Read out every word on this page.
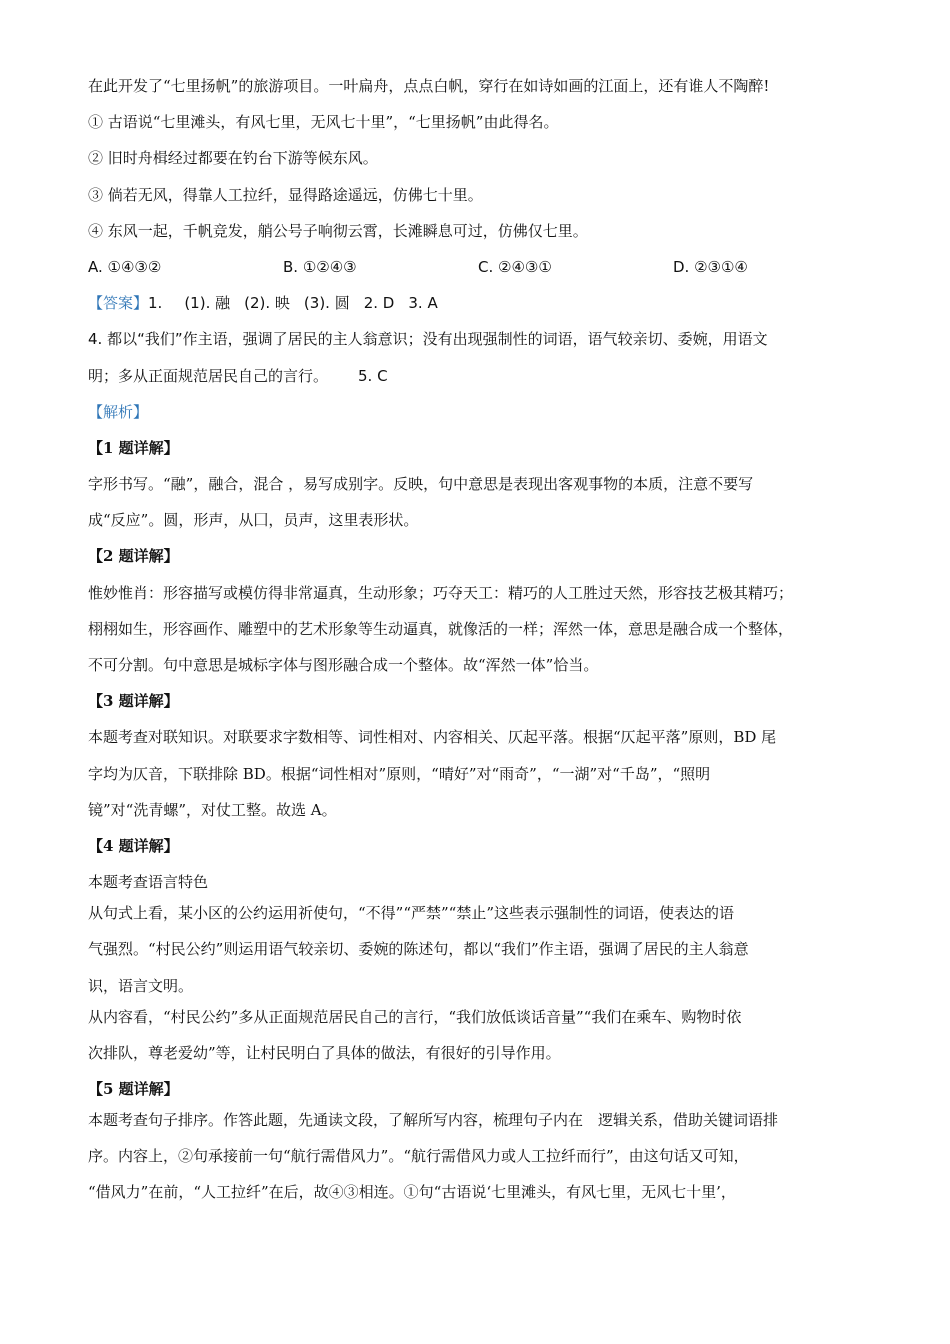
在此开发了“七里扬帆”的旅游项目。一叶扁舟，点点白帆，穿行在如诗如画的江面上，还有谁人不陶醉!
① 古语说“七里滩头，有风七里，无风七十里”，“七里扬帆”由此得名。
② 旧时舟楫经过都要在钓台下游等候东风。
③ 倘若无风，得靠人工拉纤，显得路途遥远，仿佛七十里。
④ 东风一起，千帆竞发，艄公号子响彻云霄，长滩瞬息可过，仿佛仅七里。
A. ①④③②	B. ①②④③	C. ②④③①	D. ②③①④
【答案】1. (1). 融 (2). 映 (3). 圆 2. D 3. A
4. 都以“我们”作主语，强调了居民的主人翁意识；没有出现强制性的词语，语气较亲切、委婉，用语文
明；多从正面规范居民自己的言行。 5. C
【解析】
【1 题详解】
字形书写。“融”，融合，混合 ，易写成别字。反映，句中意思是表现出客观事物的本质，注意不要写
成“反应”。圆，形声，从囗，员声，这里表形状。
【2 题详解】
惟妙惟肖：形容描写或模仿得非常逼真，生动形象；巧夺天工：精巧的人工胜过天然，形容技艺极其精巧；
栩栩如生，形容画作、雕塑中的艺术形象等生动逼真，就像活的一样；浑然一体，意思是融合成一个整体，
不可分割。句中意思是城标字体与图形融合成一个整体。故“浑然一体”恰当。
【3 题详解】
本题考查对联知识。对联要求字数相等、词性相对、内容相关、仄起平落。根据“仄起平落”原则，BD 尾
字均为仄音，下联排除 BD。根据“词性相对”原则，“晴好”对“雨奇”，“一湖”对“千岛”，“照明
镜”对“洗青螺”，对仗工整。故选 A。
【4 题详解】
本题考查语言特色
从句式上看，某小区的公约运用祈使句，“不得”“严禁”“禁止”这些表示强制性的词语，使表达的语
气强烈。“村民公约”则运用语气较亲切、委婉的陈述句，都以“我们”作主语，强调了居民的主人翁意
识，语言文明。
从内容看，“村民公约”多从正面规范居民自己的言行，“我们放低谈话音量”“我们在乘车、购物时依
次排队，尊老爱幼”等，让村民明白了具体的做法，有很好的引导作用。
【5 题详解】
本题考查句子排序。作答此题，先通读文段，了解所写内容，梳理句子内在　逻辑关系，借助关键词语排
序。内容上，②句承接前一句“航行需借风力”。“航行需借风力或人工拉纤而行”，由这句话又可知，
“借风力”在前，“人工拉纤”在后，故④③相连。①句“古语说‘七里滩头，有风七里，无风七十里’，
